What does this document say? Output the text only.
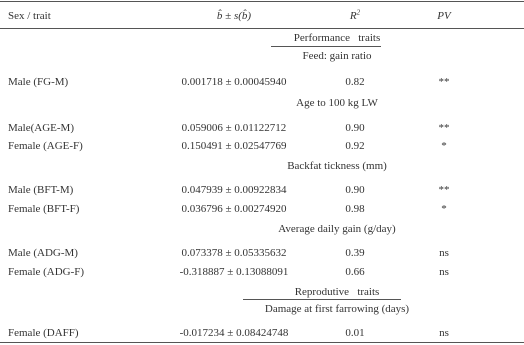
Sex / trait	b̂ ± s(b̂)	$R^2$	PV
Performance   traits
Feed: gain ratio
Male (FG-M)	0.001718 ± 0.00045940	0.82	**
Age to 100 kg LW
Male(AGE-M)	0.059006 ± 0.01122712	0.90	**
Female (AGE-F)	0.150491 ± 0.02547769	0.92	*
Backfat tickness (mm)
Male (BFT-M)	0.047939 ± 0.00922834	0.90	**
Female (BFT-F)	0.036796 ± 0.00274920	0.98	*
Average daily gain (g/day)
Male (ADG-M)	0.073378 ± 0.05335632	0.39	ns
Female (ADG-F)	-0.318887 ± 0.13088091	0.66	ns
Reprodutive   traits
Damage at first farrowing (days)
Female (DAFF)	-0.017234 ± 0.08424748	0.01	ns
